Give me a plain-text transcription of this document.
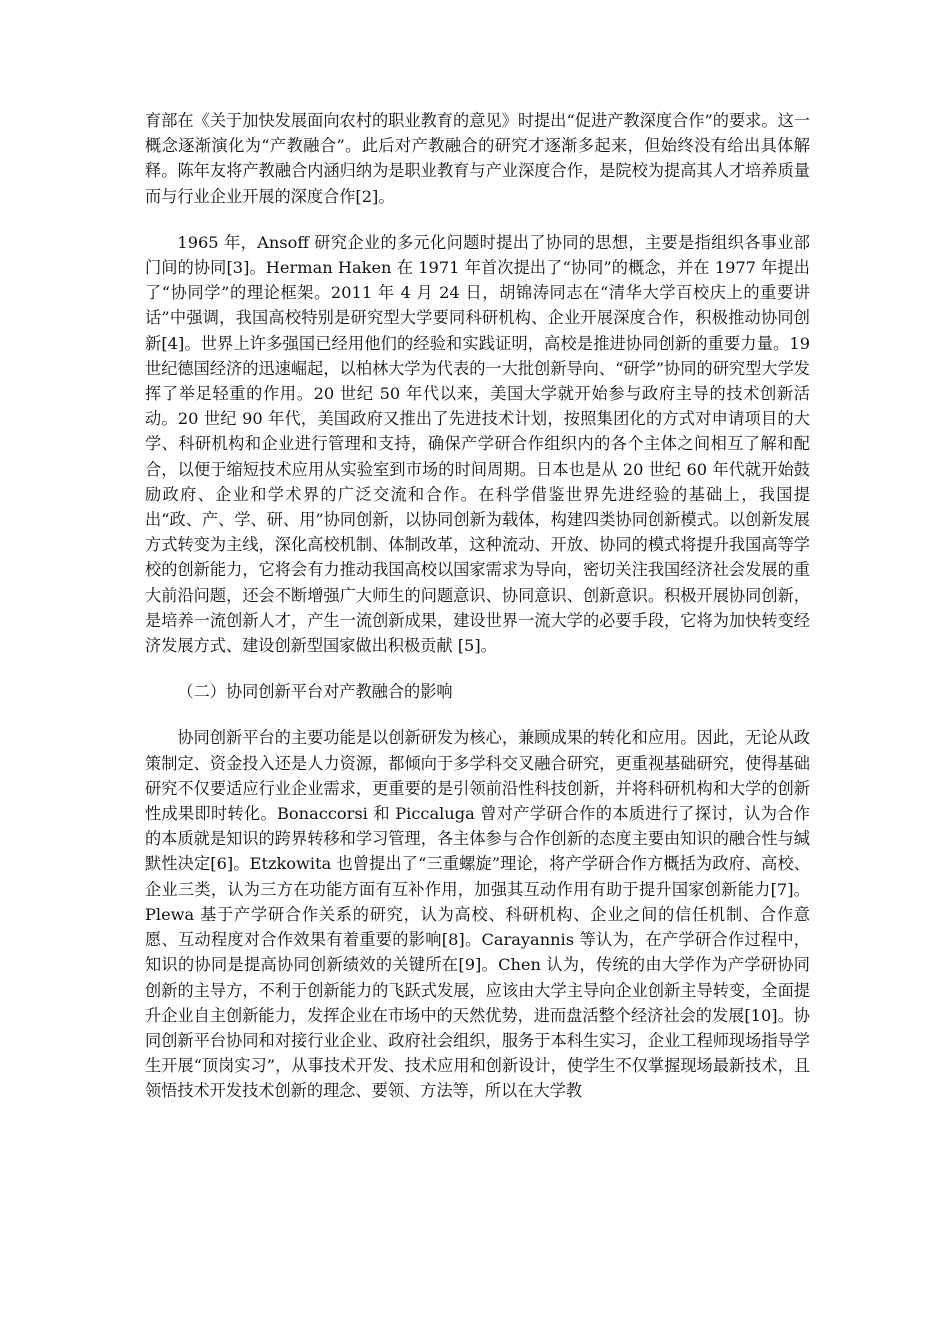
育部在《关于加快发展面向农村的职业教育的意见》时提出“促进产教深度合作”的要求。这一概念逐渐演化为“产教融合”。此后对产教融合的研究才逐渐多起来，但始终没有给出具体解释。陈年友将产教融合内涵归纳为是职业教育与产业深度合作，是院校为提高其人才培养质量而与行业企业开展的深度合作[2]。

1965 年，Ansoff 研究企业的多元化问题时提出了协同的思想，主要是指组织各事业部门间的协同[3]。Herman Haken 在 1971 年首次提出了“协同”的概念，并在 1977 年提出了“协同学”的理论框架。2011 年 4 月 24 日，胡锦涛同志在“清华大学百校庆上的重要讲话”中强调，我国高校特别是研究型大学要同科研机构、企业开展深度合作，积极推动协同创新[4]。世界上许多强国已经用他们的经验和实践证明，高校是推进协同创新的重要力量。19 世纪德国经济的迅速崛起，以柏林大学为代表的一大批创新导向、“研学”协同的研究型大学发挥了举足轻重的作用。20 世纪 50 年代以来，美国大学就开始参与政府主导的技术创新活动。20 世纪 90 年代，美国政府又推出了先进技术计划，按照集团化的方式对申请项目的大学、科研机构和企业进行管理和支持，确保产学研合作组织内的各个主体之间相互了解和配合，以便于缩短技术应用从实验室到市场的时间周期。日本也是从 20 世纪 60 年代就开始鼓励政府、企业和学术界的广泛交流和合作。在科学借鉴世界先进经验的基础上，我国提出“政、产、学、研、用”协同创新，以协同创新为载体，构建四类协同创新模式。以创新发展方式转变为主线，深化高校机制、体制改革，这种流动、开放、协同的模式将提升我国高等学校的创新能力，它将会有力推动我国高校以国家需求为导向，密切关注我国经济社会发展的重大前沿问题，还会不断增强广大师生的问题意识、协同意识、创新意识。积极开展协同创新，是培养一流创新人才，产生一流创新成果，建设世界一流大学的必要手段，它将为加快转变经济发展方式、建设创新型国家做出积极贡献 [5]。

（二）协同创新平台对产教融合的影响

协同创新平台的主要功能是以创新研发为核心，兼顾成果的转化和应用。因此，无论从政策制定、资金投入还是人力资源，都倾向于多学科交叉融合研究，更重视基础研究，使得基础研究不仅要适应行业企业需求，更重要的是引领前沿性科技创新，并将科研机构和大学的创新性成果即时转化。Bonaccorsi 和 Piccaluga 曾对产学研合作的本质进行了探讨，认为合作的本质就是知识的跨界转移和学习管理，各主体参与合作创新的态度主要由知识的融合性与缄默性决定[6]。Etzkowita 也曾提出了“三重螺旋”理论，将产学研合作方概括为政府、高校、企业三类，认为三方在功能方面有互补作用，加强其互动作用有助于提升国家创新能力[7]。Plewa 基于产学研合作关系的研究，认为高校、科研机构、企业之间的信任机制、合作意愿、互动程度对合作效果有着重要的影响[8]。Carayannis 等认为，在产学研合作过程中，知识的协同是提高协同创新绩效的关键所在[9]。Chen 认为，传统的由大学作为产学研协同创新的主导方，不利于创新能力的飞跃式发展，应该由大学主导向企业创新主导转变，全面提升企业自主创新能力，发挥企业在市场中的天然优势，进而盘活整个经济社会的发展[10]。协同创新平台协同和对接行业企业、政府社会组织，服务于本科生实习，企业工程师现场指导学生开展“顶岗实习”，从事技术开发、技术应用和创新设计，使学生不仅掌握现场最新技术，且领悟技术开发技术创新的理念、要领、方法等，所以在大学教
